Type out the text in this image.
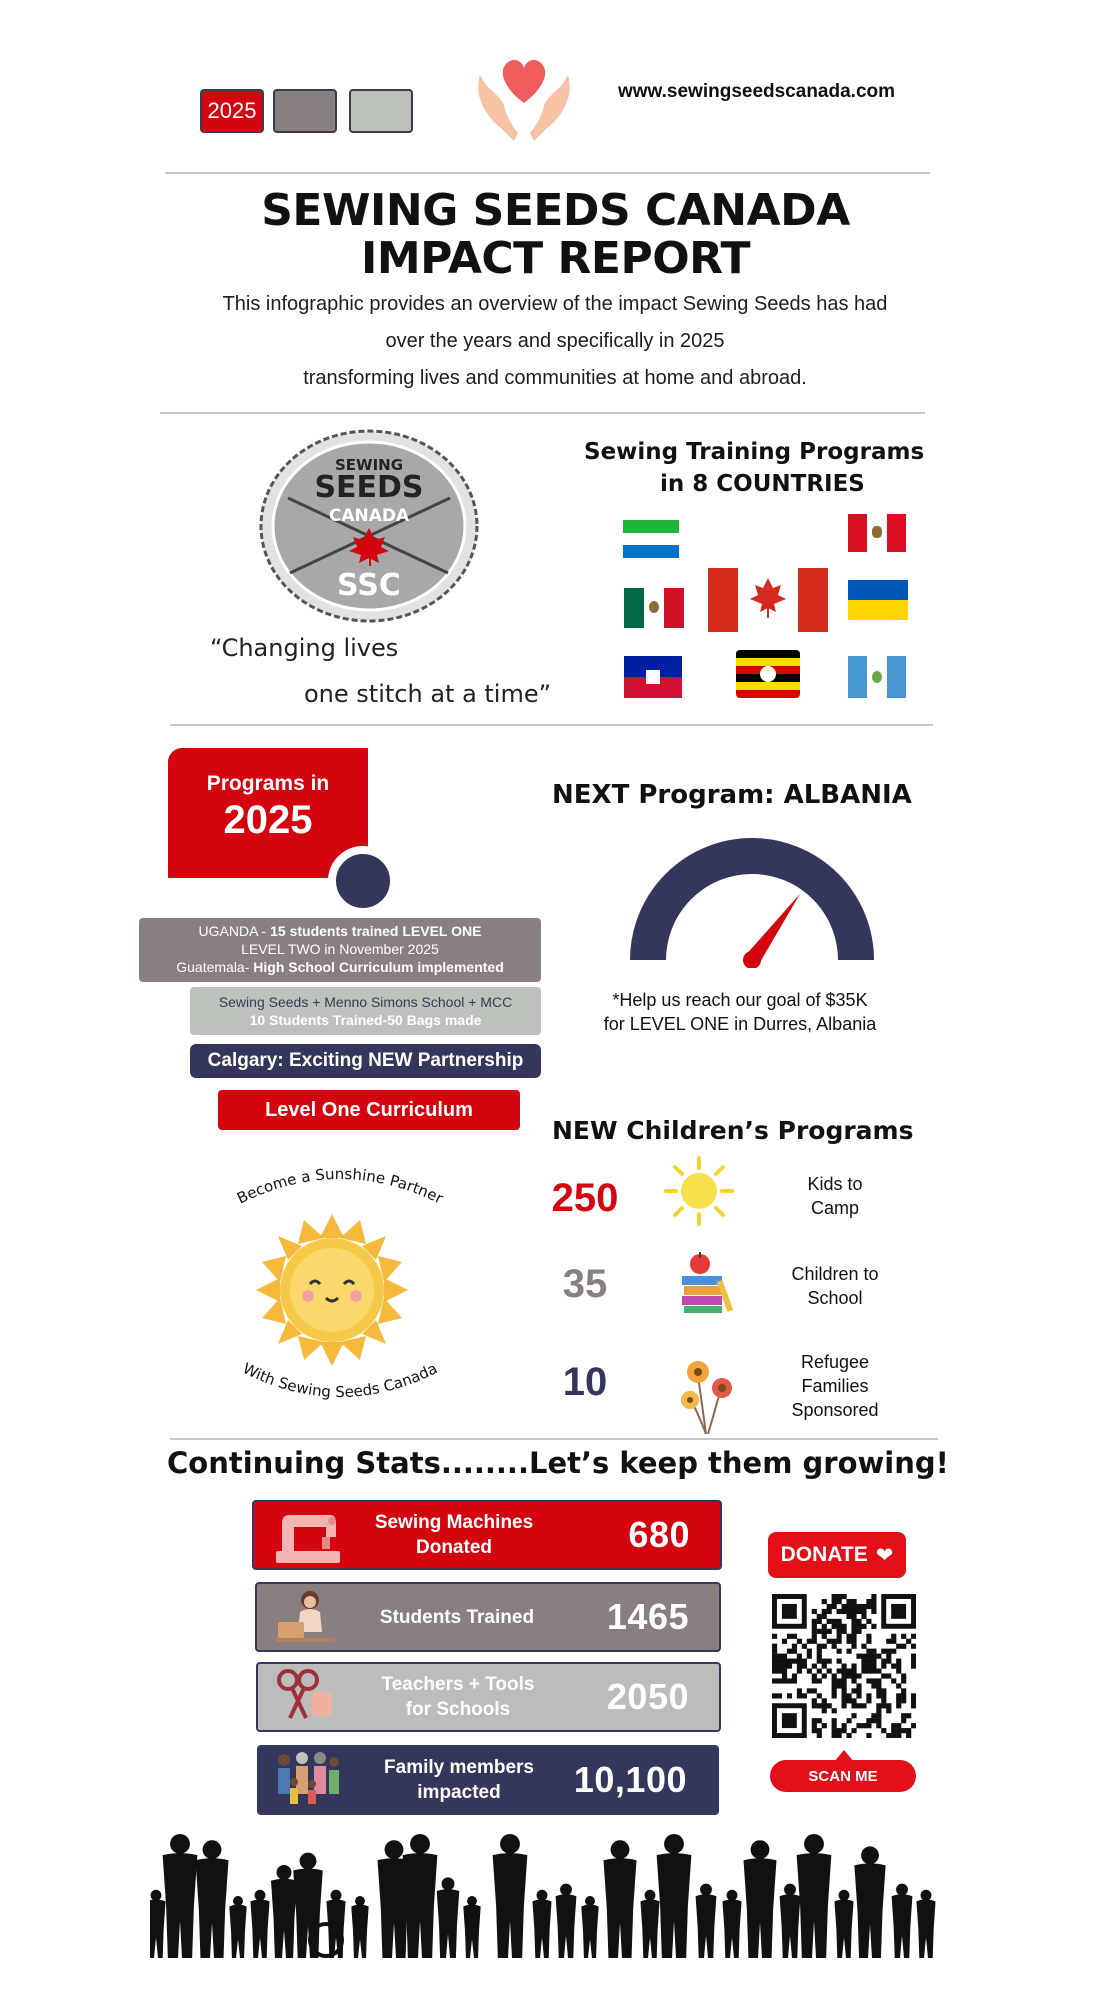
2025
www.sewingseedscanada.com
SEWING SEEDS CANADA
IMPACT REPORT
This infographic provides an overview of the impact Sewing Seeds has had
over the years and specifically in 2025
transforming lives and communities at home and abroad.
SEWING
SEEDS
CANADA
SSC
“Changing lives
one stitch at a time”
Sewing Training Programs
in 8 COUNTRIES
Programs in
2025
UGANDA - 15 students trained LEVEL ONE
LEVEL TWO in November 2025
Guatemala- High School Curriculum implemented
Sewing Seeds + Menno Simons School + MCC
10 Students Trained-50 Bags made
Calgary: Exciting NEW Partnership
Level One Curriculum
NEXT Program: ALBANIA
*Help us reach our goal of $35K
for LEVEL ONE in Durres, Albania
Become a Sunshine Partner
With Sewing Seeds Canada
NEW Children’s Programs
250	Kids to
Camp
35	Children to
School
10	Refugee
Families
Sponsored
Continuing Stats........Let’s keep them growing!
Sewing Machines
Donated	680
Students Trained	1465
Teachers + Tools
for Schools	2050
Family members
impacted	10,100
DONATE ❤
SCAN ME
